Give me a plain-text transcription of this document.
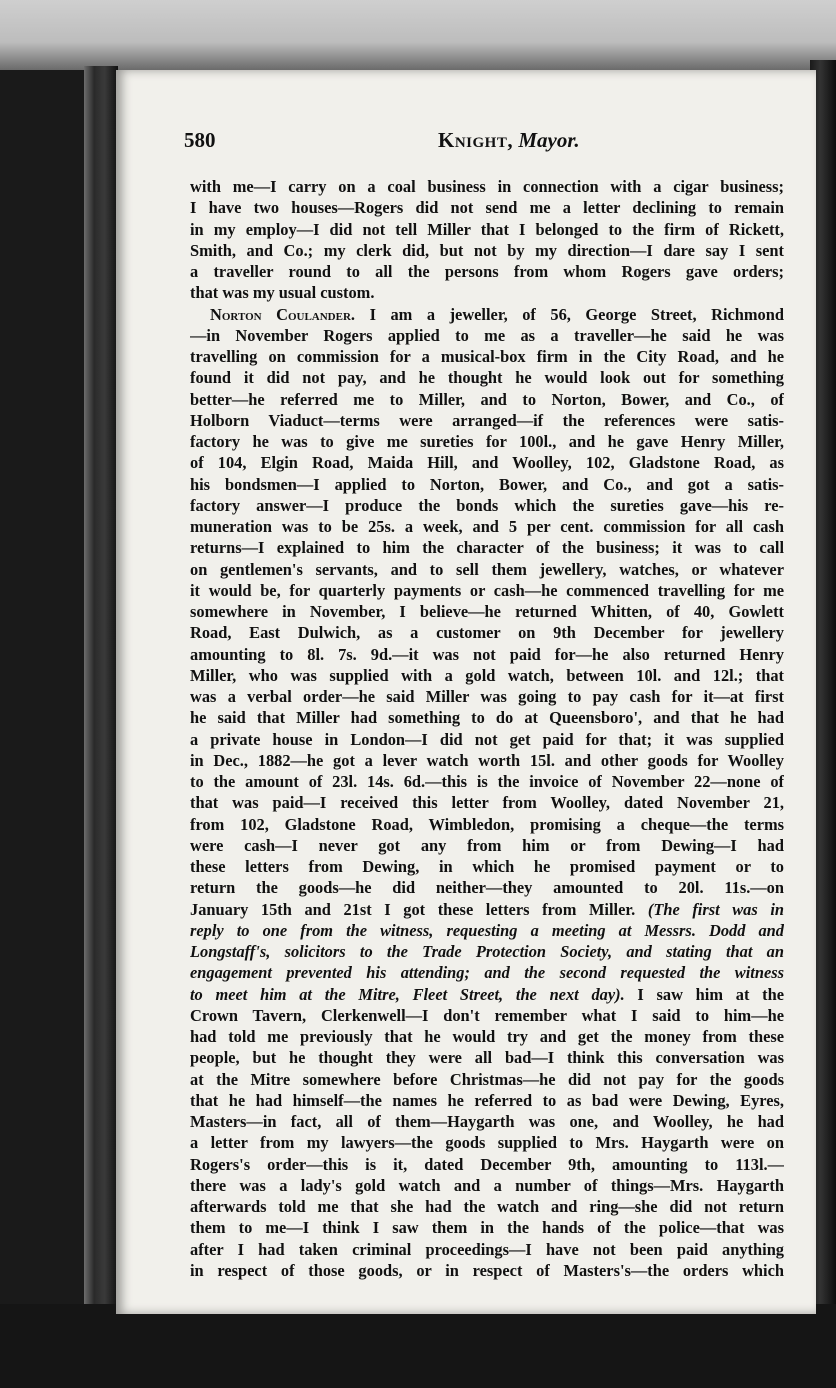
580	Knight, Mayor.
with me—I carry on a coal business in connection with a cigar business;
I have two houses—Rogers did not send me a letter declining to remain
in my employ—I did not tell Miller that I belonged to the firm of Rickett,
Smith, and Co.; my clerk did, but not by my direction—I dare say I sent
a traveller round to all the persons from whom Rogers gave orders;
that was my usual custom.
Norton Coulander. I am a jeweller, of 56, George Street, Richmond
—in November Rogers applied to me as a traveller—he said he was
travelling on commission for a musical-box firm in the City Road, and he
found it did not pay, and he thought he would look out for something
better—he referred me to Miller, and to Norton, Bower, and Co., of
Holborn Viaduct—terms were arranged—if the references were satis-
factory he was to give me sureties for 100l., and he gave Henry Miller,
of 104, Elgin Road, Maida Hill, and Woolley, 102, Gladstone Road, as
his bondsmen—I applied to Norton, Bower, and Co., and got a satis-
factory answer—I produce the bonds which the sureties gave—his re-
muneration was to be 25s. a week, and 5 per cent. commission for all cash
returns—I explained to him the character of the business; it was to call
on gentlemen's servants, and to sell them jewellery, watches, or whatever
it would be, for quarterly payments or cash—he commenced travelling for me
somewhere in November, I believe—he returned Whitten, of 40, Gowlett
Road, East Dulwich, as a customer on 9th December for jewellery
amounting to 8l. 7s. 9d.—it was not paid for—he also returned Henry
Miller, who was supplied with a gold watch, between 10l. and 12l.; that
was a verbal order—he said Miller was going to pay cash for it—at first
he said that Miller had something to do at Queensboro', and that he had
a private house in London—I did not get paid for that; it was supplied
in Dec., 1882—he got a lever watch worth 15l. and other goods for Woolley
to the amount of 23l. 14s. 6d.—this is the invoice of November 22—none of
that was paid—I received this letter from Woolley, dated November 21,
from 102, Gladstone Road, Wimbledon, promising a cheque—the terms
were cash—I never got any from him or from Dewing—I had
these letters from Dewing, in which he promised payment or to
return the goods—he did neither—they amounted to 20l. 11s.—on
January 15th and 21st I got these letters from Miller. (The first was in
reply to one from the witness, requesting a meeting at Messrs. Dodd and
Longstaff's, solicitors to the Trade Protection Society, and stating that an
engagement prevented his attending; and the second requested the witness
to meet him at the Mitre, Fleet Street, the next day). I saw him at the
Crown Tavern, Clerkenwell—I don't remember what I said to him—he
had told me previously that he would try and get the money from these
people, but he thought they were all bad—I think this conversation was
at the Mitre somewhere before Christmas—he did not pay for the goods
that he had himself—the names he referred to as bad were Dewing, Eyres,
Masters—in fact, all of them—Haygarth was one, and Woolley, he had
a letter from my lawyers—the goods supplied to Mrs. Haygarth were on
Rogers's order—this is it, dated December 9th, amounting to 113l.—
there was a lady's gold watch and a number of things—Mrs. Haygarth
afterwards told me that she had the watch and ring—she did not return
them to me—I think I saw them in the hands of the police—that was
after I had taken criminal proceedings—I have not been paid anything
in respect of those goods, or in respect of Masters's—the orders which
